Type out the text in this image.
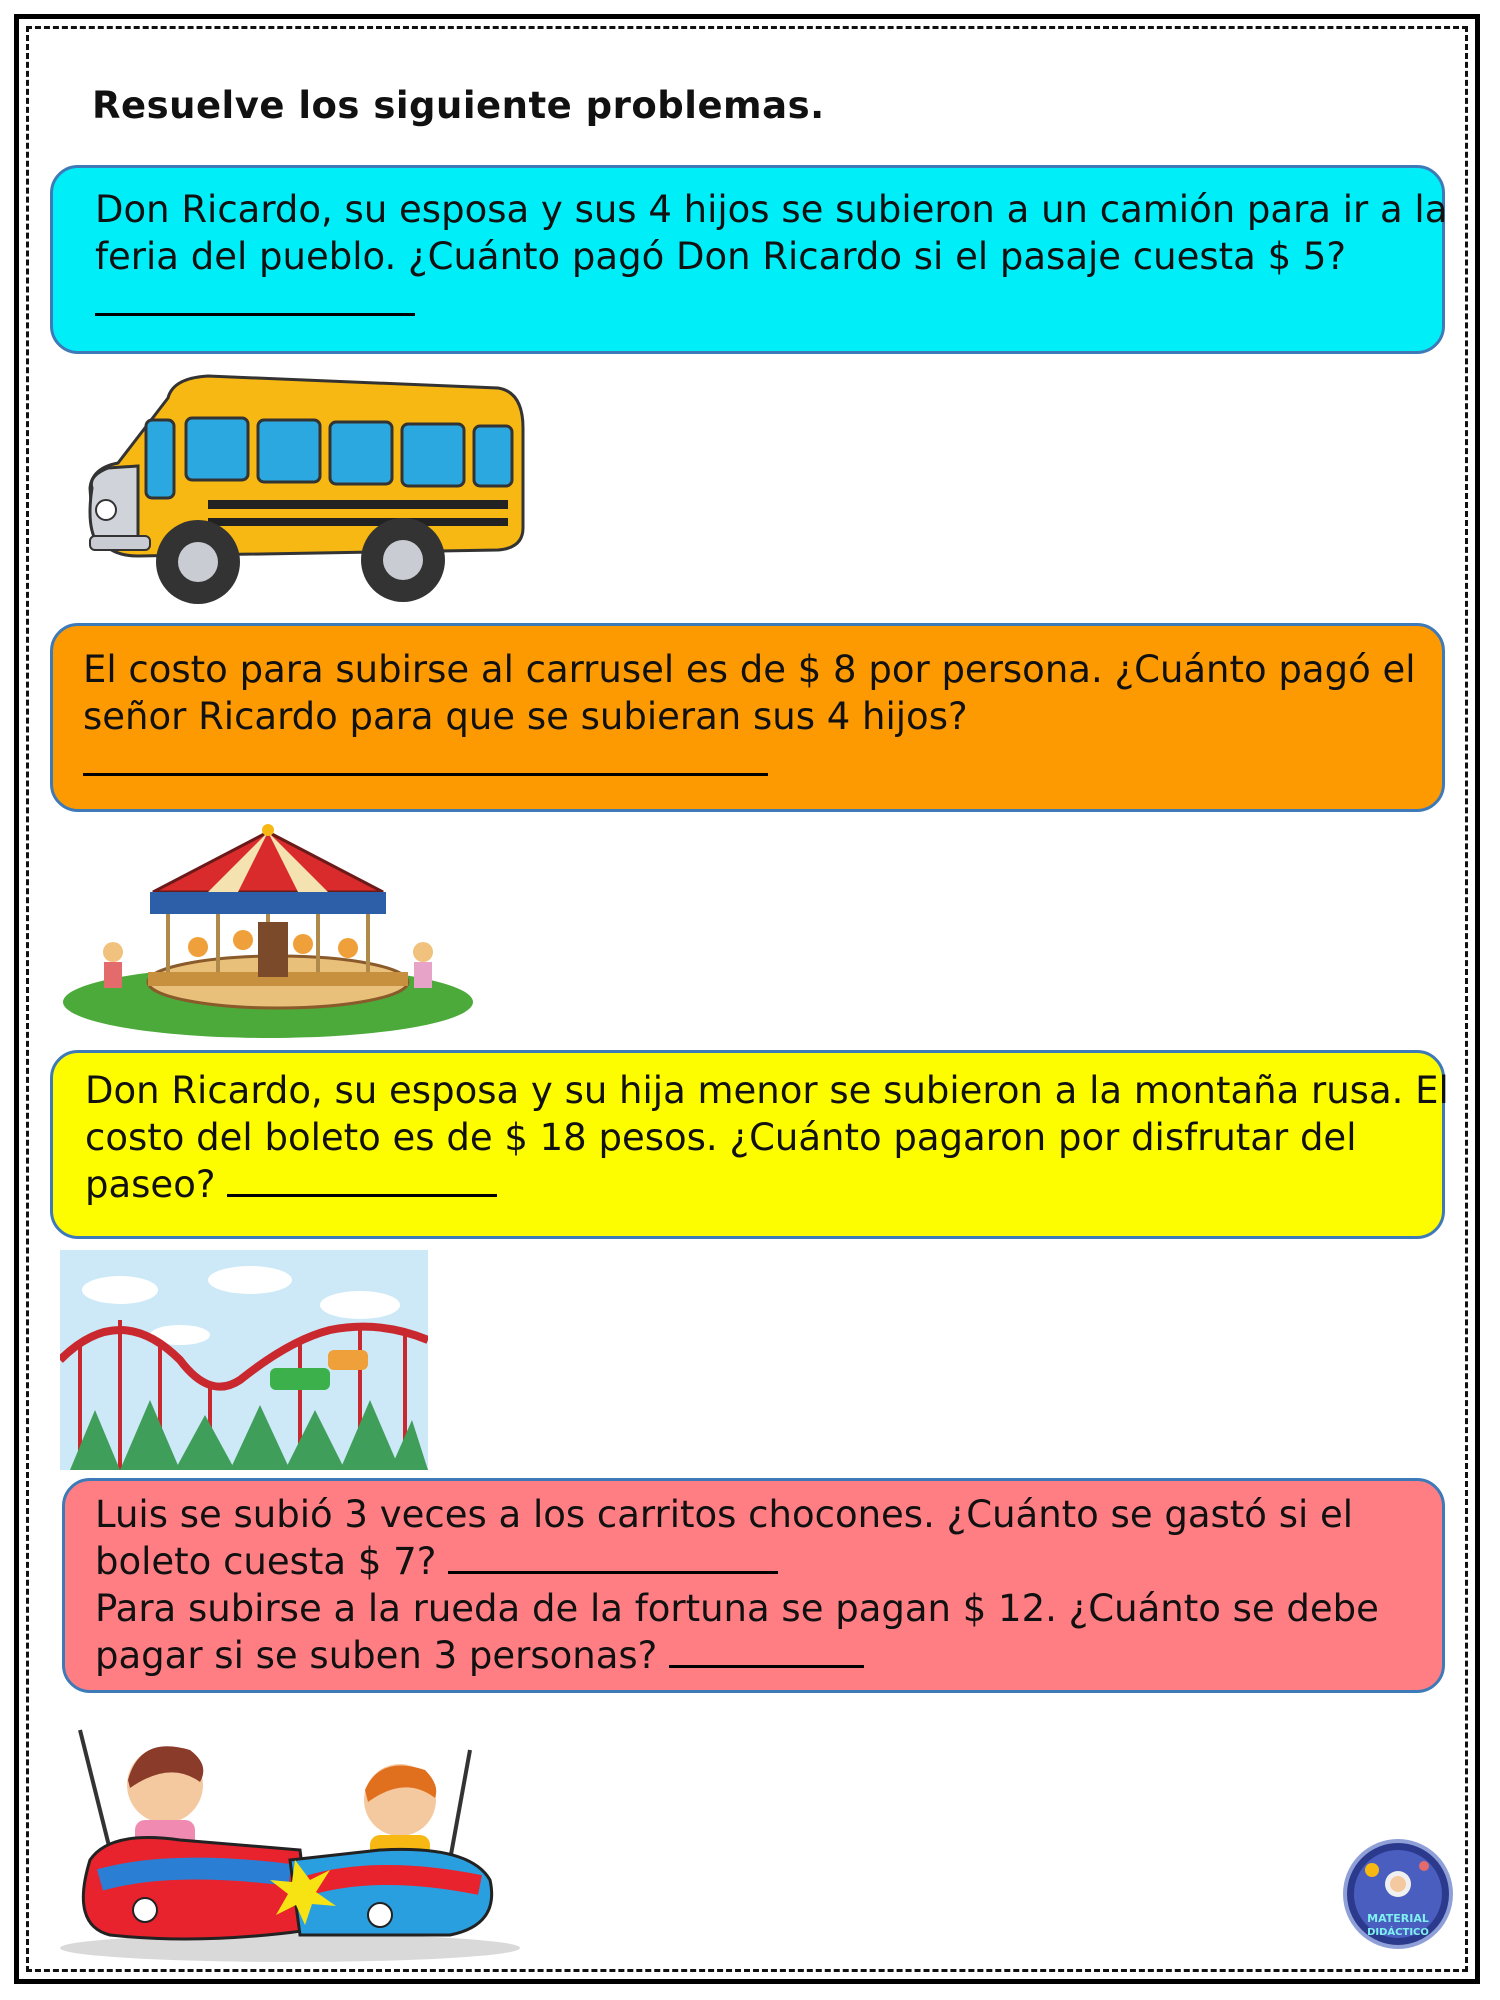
Resuelve los siguiente problemas.
Don Ricardo, su esposa y sus 4 hijos se subieron a un camión para ir a la
feria del pueblo. ¿Cuánto pagó Don Ricardo si el pasaje cuesta $ 5?
El costo para subirse al carrusel es de $ 8 por persona. ¿Cuánto pagó el
señor Ricardo para que se subieran sus 4 hijos?
Don Ricardo, su esposa y su hija menor se subieron a la montaña rusa. El
costo del boleto es de $ 18 pesos. ¿Cuánto pagaron por disfrutar del
paseo?
Luis se subió 3 veces a los carritos chocones. ¿Cuánto se gastó si el
boleto cuesta $ 7?
Para subirse a la rueda de la fortuna se pagan $ 12. ¿Cuánto se debe
pagar si se suben 3 personas?
MATERIAL
DIDÁCTICO
